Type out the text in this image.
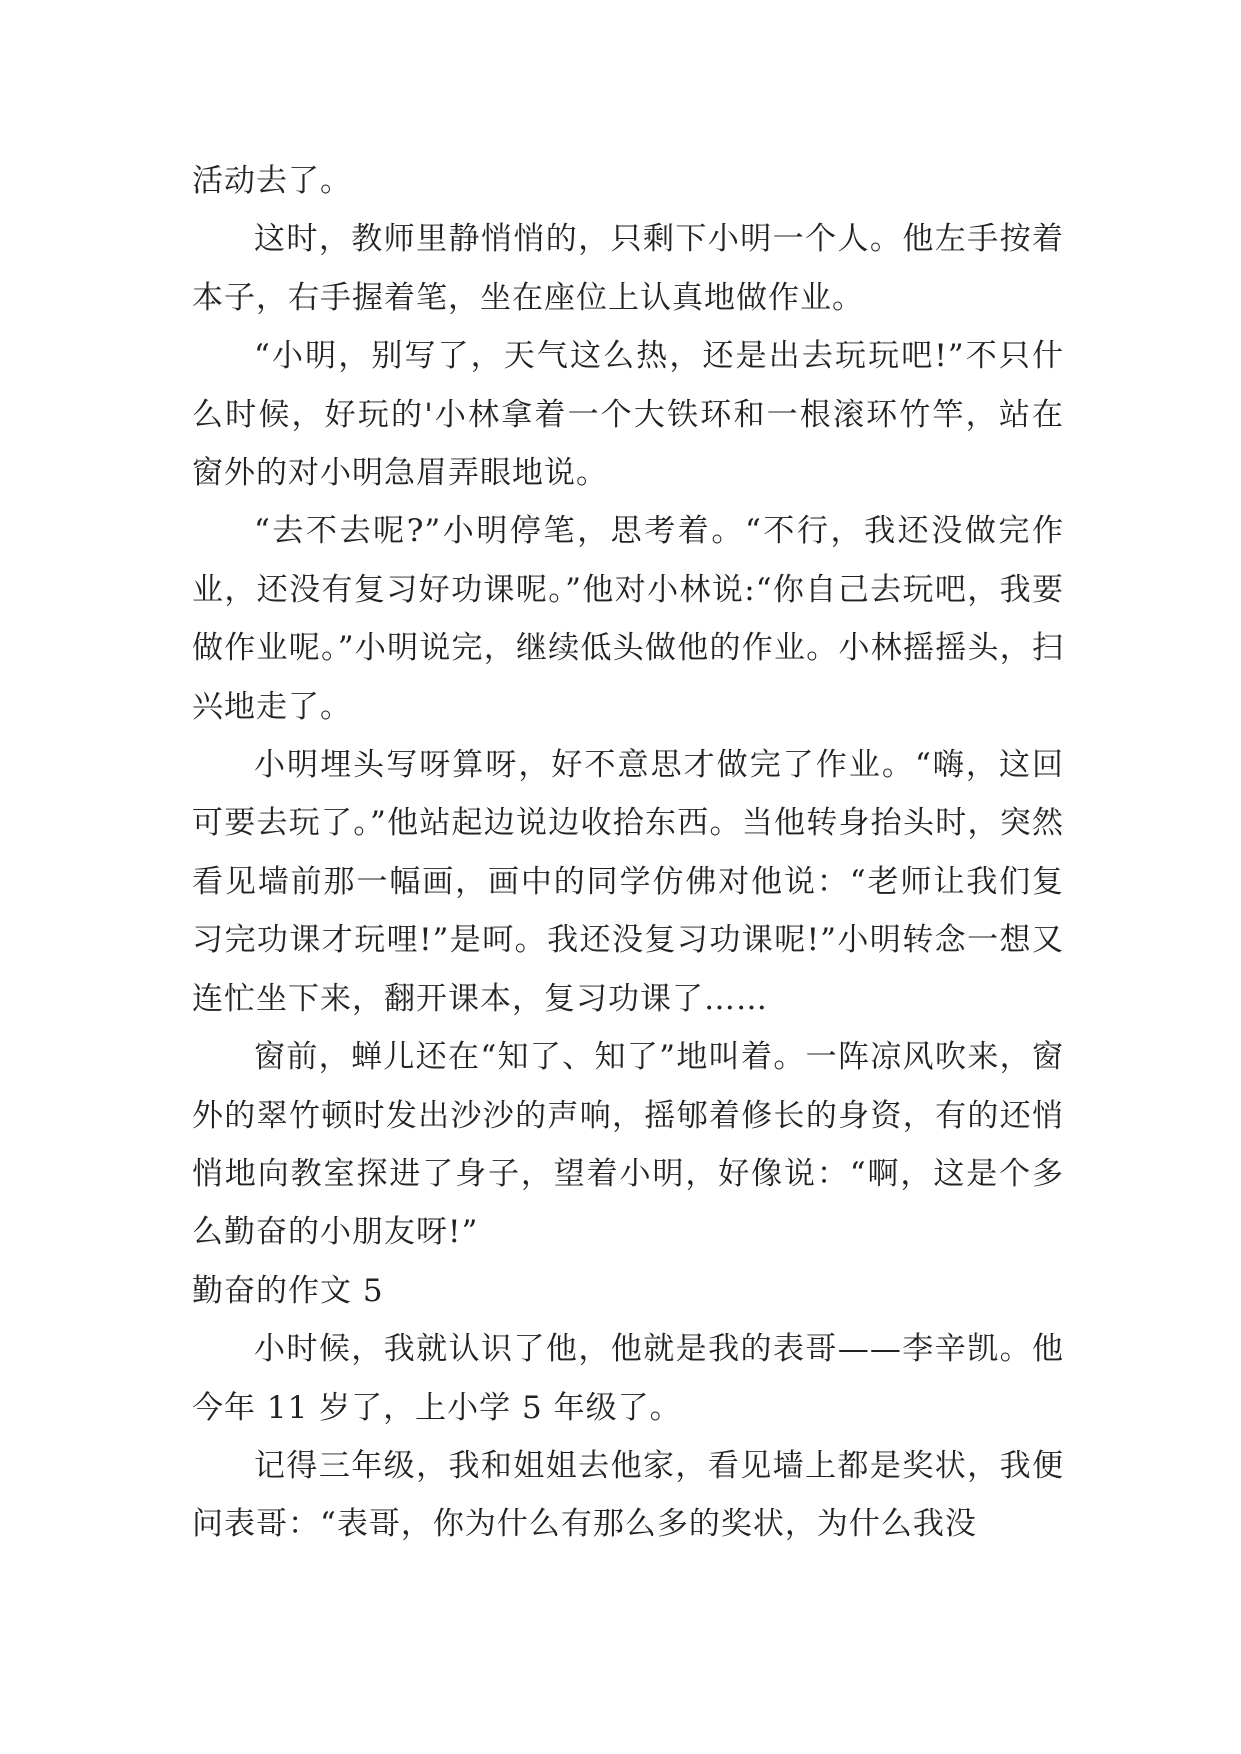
活动去了。

这时，教师里静悄悄的，只剩下小明一个人。他左手按着本子，右手握着笔，坐在座位上认真地做作业。

“小明，别写了，天气这么热，还是出去玩玩吧!”不只什么时候，好玩的'小林拿着一个大铁环和一根滚环竹竿，站在窗外的对小明急眉弄眼地说。

“去不去呢?”小明停笔，思考着。“不行，我还没做完作业，还没有复习好功课呢。”他对小林说:“你自己去玩吧，我要做作业呢。”小明说完，继续低头做他的作业。小林摇摇头，扫兴地走了。

小明埋头写呀算呀，好不意思才做完了作业。“嗨，这回可要去玩了。”他站起边说边收拾东西。当他转身抬头时，突然看见墙前那一幅画，画中的同学仿佛对他说：“老师让我们复习完功课才玩哩!”是呵。我还没复习功课呢!”小明转念一想又连忙坐下来，翻开课本，复习功课了……

窗前，蝉儿还在“知了、知了”地叫着。一阵凉风吹来，窗外的翠竹顿时发出沙沙的声响，摇郇着修长的身资，有的还悄悄地向教室探进了身子，望着小明，好像说：“啊，这是个多么勤奋的小朋友呀!”

勤奋的作文 5

小时候，我就认识了他，他就是我的表哥——李辛凯。他今年 11 岁了，上小学 5 年级了。

记得三年级，我和姐姐去他家，看见墙上都是奖状，我便问表哥：“表哥，你为什么有那么多的奖状，为什么我没
